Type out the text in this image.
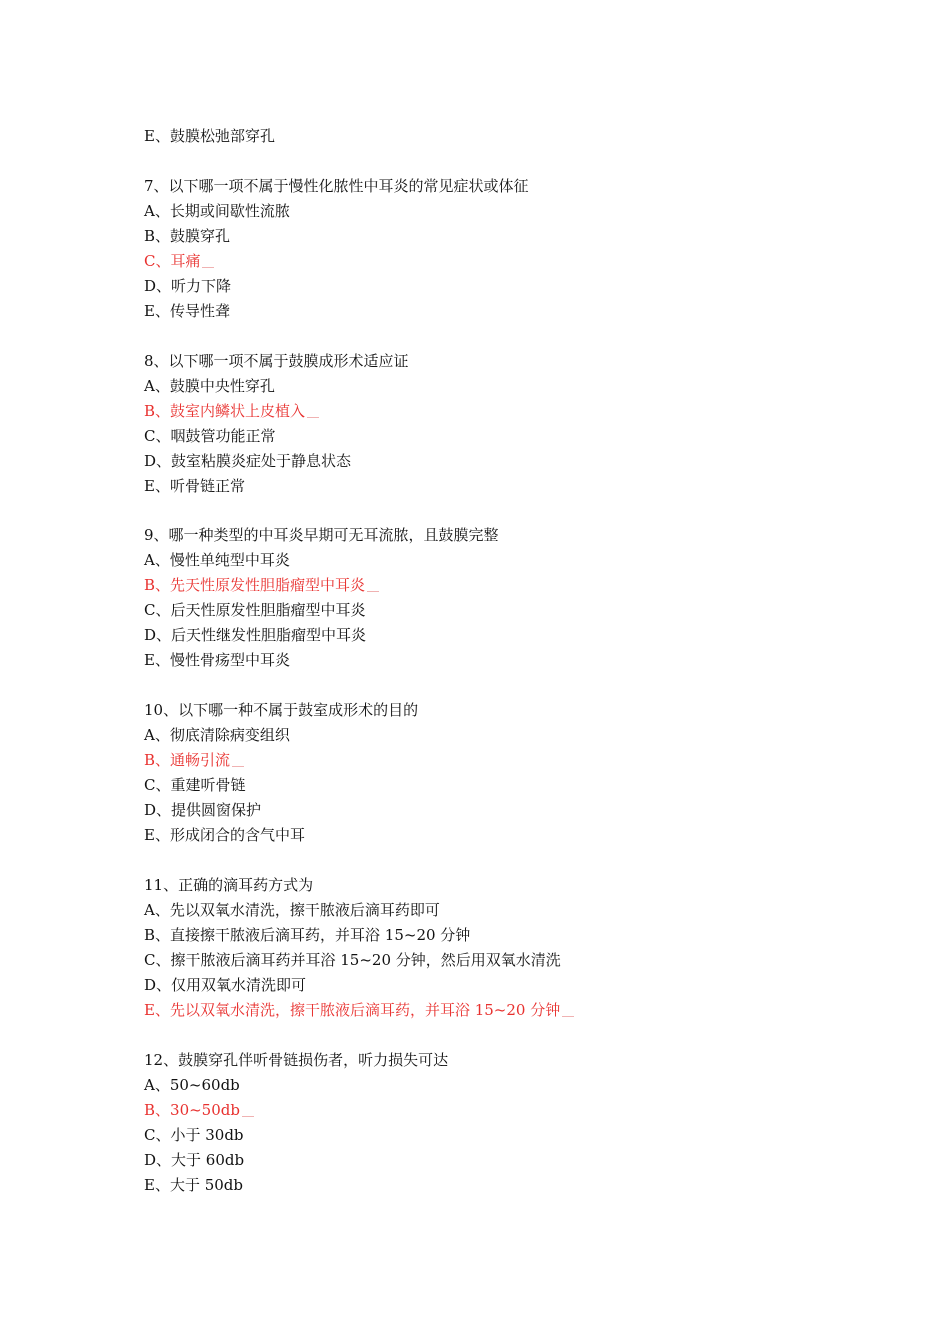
E、鼓膜松弛部穿孔
7、以下哪一项不属于慢性化脓性中耳炎的常见症状或体征
A、长期或间歇性流脓
B、鼓膜穿孔
C、耳痛
D、听力下降
E、传导性聋
8、以下哪一项不属于鼓膜成形术适应证
A、鼓膜中央性穿孔
B、鼓室内鳞状上皮植入
C、咽鼓管功能正常
D、鼓室粘膜炎症处于静息状态
E、听骨链正常
9、哪一种类型的中耳炎早期可无耳流脓，且鼓膜完整
A、慢性单纯型中耳炎
B、先天性原发性胆脂瘤型中耳炎
C、后天性原发性胆脂瘤型中耳炎
D、后天性继发性胆脂瘤型中耳炎
E、慢性骨疡型中耳炎
10、以下哪一种不属于鼓室成形术的目的
A、彻底清除病变组织
B、通畅引流
C、重建听骨链
D、提供圆窗保护
E、形成闭合的含气中耳
11、正确的滴耳药方式为
A、先以双氧水清洗，擦干脓液后滴耳药即可
B、直接擦干脓液后滴耳药，并耳浴 15~20 分钟
C、擦干脓液后滴耳药并耳浴 15~20 分钟，然后用双氧水清洗
D、仅用双氧水清洗即可
E、先以双氧水清洗，擦干脓液后滴耳药，并耳浴 15~20 分钟
12、鼓膜穿孔伴听骨链损伤者，听力损失可达
A、50~60db
B、30~50db
C、小于 30db
D、大于 60db
E、大于 50db
